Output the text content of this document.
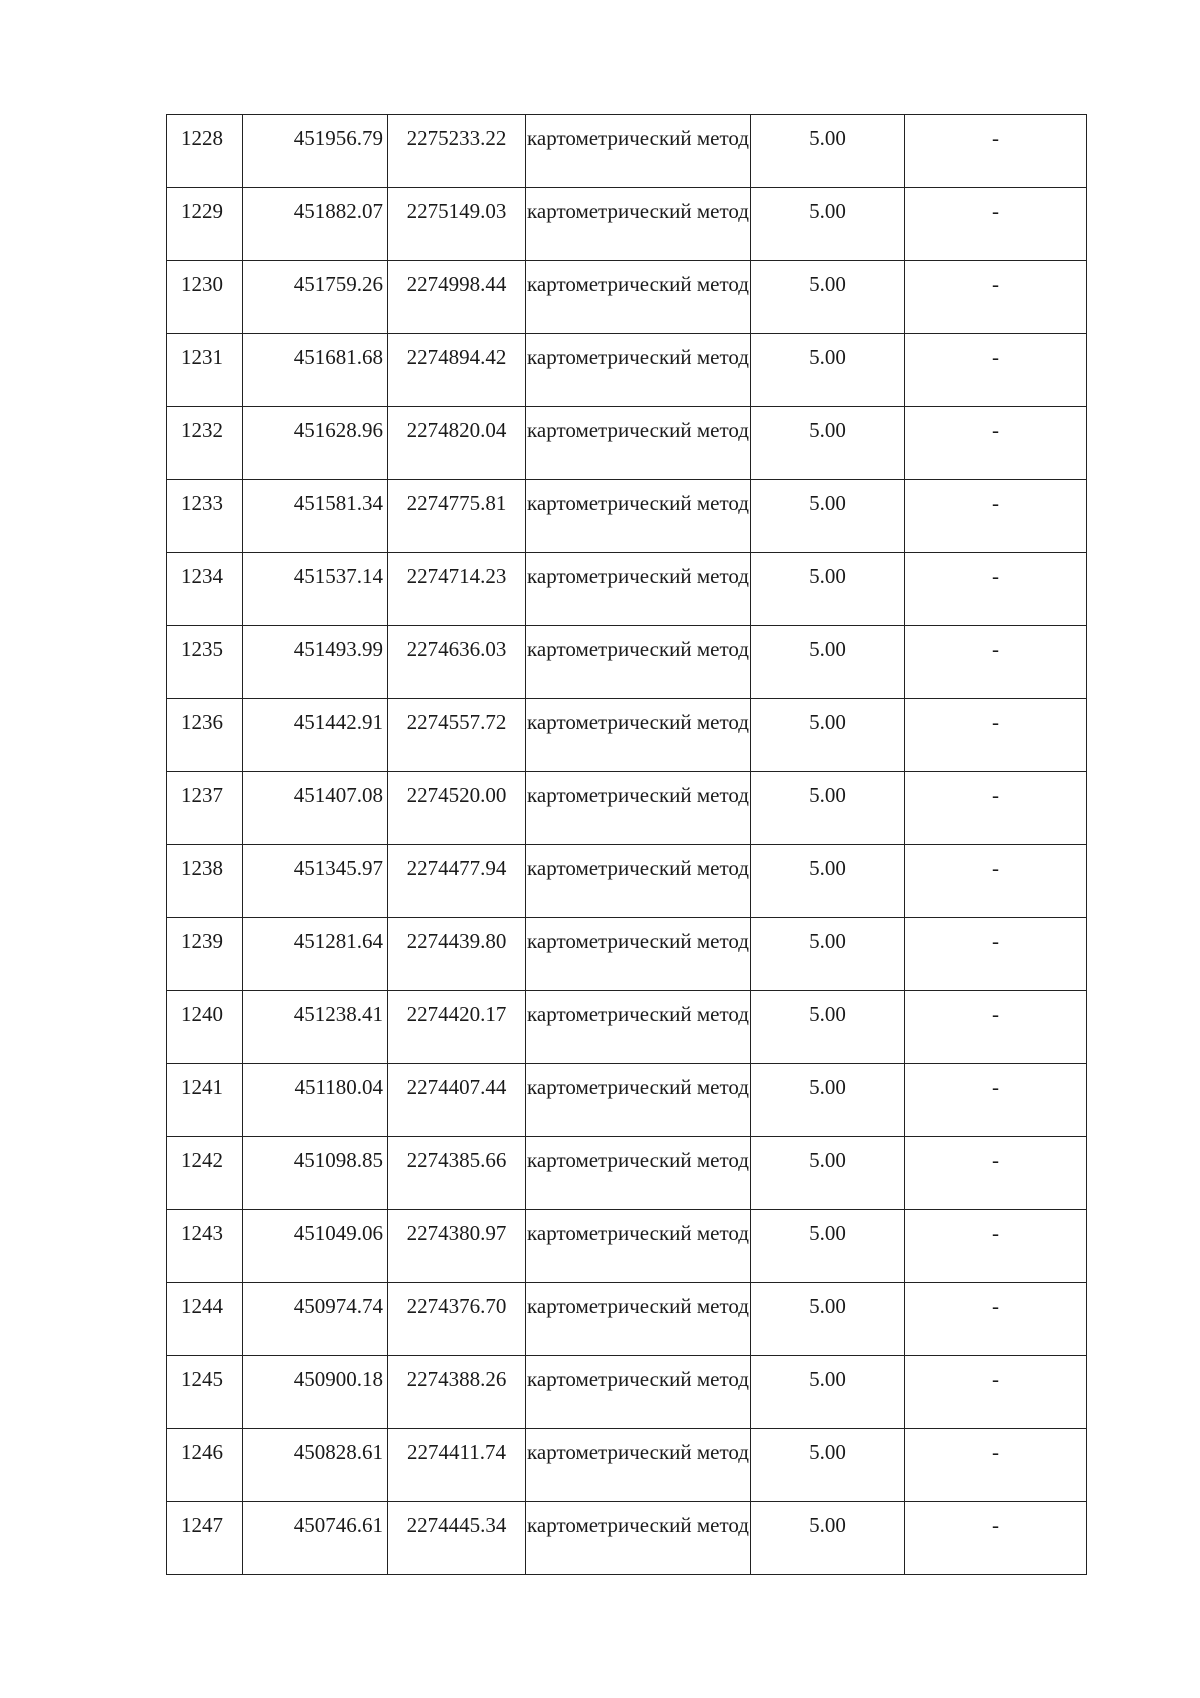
1228	451956.79	2275233.22	картометрический метод	5.00	-
1229	451882.07	2275149.03	картометрический метод	5.00	-
1230	451759.26	2274998.44	картометрический метод	5.00	-
1231	451681.68	2274894.42	картометрический метод	5.00	-
1232	451628.96	2274820.04	картометрический метод	5.00	-
1233	451581.34	2274775.81	картометрический метод	5.00	-
1234	451537.14	2274714.23	картометрический метод	5.00	-
1235	451493.99	2274636.03	картометрический метод	5.00	-
1236	451442.91	2274557.72	картометрический метод	5.00	-
1237	451407.08	2274520.00	картометрический метод	5.00	-
1238	451345.97	2274477.94	картометрический метод	5.00	-
1239	451281.64	2274439.80	картометрический метод	5.00	-
1240	451238.41	2274420.17	картометрический метод	5.00	-
1241	451180.04	2274407.44	картометрический метод	5.00	-
1242	451098.85	2274385.66	картометрический метод	5.00	-
1243	451049.06	2274380.97	картометрический метод	5.00	-
1244	450974.74	2274376.70	картометрический метод	5.00	-
1245	450900.18	2274388.26	картометрический метод	5.00	-
1246	450828.61	2274411.74	картометрический метод	5.00	-
1247	450746.61	2274445.34	картометрический метод	5.00	-
